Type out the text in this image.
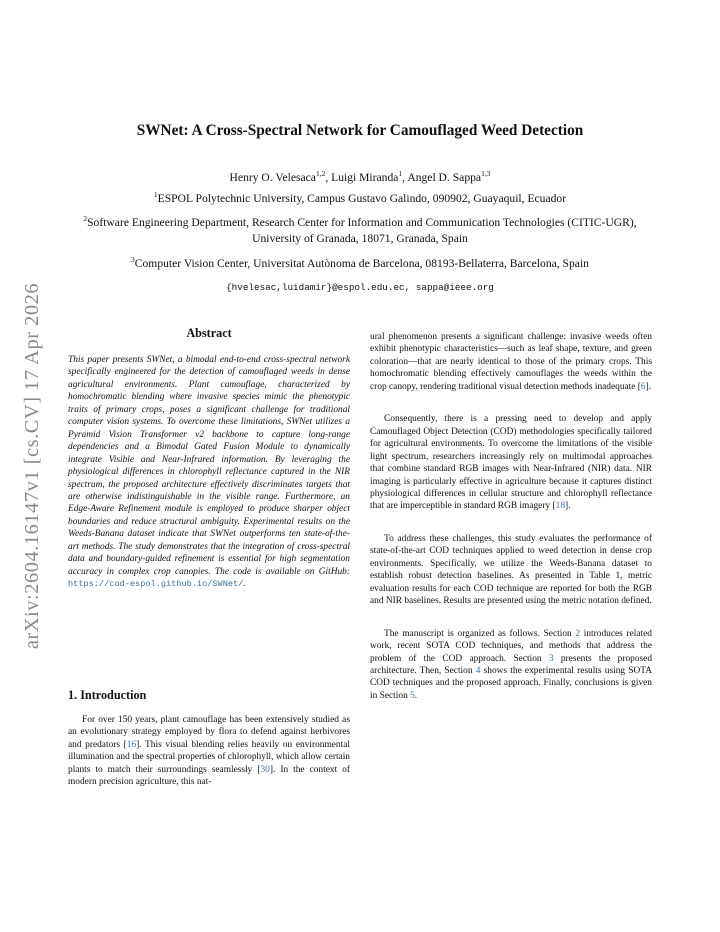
arXiv:2604.16147v1 [cs.CV] 17 Apr 2026
SWNet: A Cross-Spectral Network for Camouflaged Weed Detection
Henry O. Velesaca$^{1,2}$, Luigi Miranda$^1$, Angel D. Sappa$^{1,3}$
$^1$ESPOL Polytechnic University, Campus Gustavo Galindo, 090902, Guayaquil, Ecuador
$^2$Software Engineering Department, Research Center for Information and Communication Technologies (CITIC-UGR), University of Granada, 18071, Granada, Spain
$^3$Computer Vision Center, Universitat Autònoma de Barcelona, 08193-Bellaterra, Barcelona, Spain
{hvelesac,luidamir}@espol.edu.ec, sappa@ieee.org
Abstract

This paper presents SWNet, a bimodal end-to-end cross-spectral network specifically engineered for the detection of camouflaged weeds in dense agricultural environments. Plant camouflage, characterized by homochromatic blending where invasive species mimic the phenotypic traits of primary crops, poses a significant challenge for traditional computer vision systems. To overcome these limitations, SWNet utilizes a Pyramid Vision Transformer v2 backbone to capture long-range dependencies and a Bimodal Gated Fusion Module to dynamically integrate Visible and Near-Infrared information. By leveraging the physiological differences in chlorophyll reflectance captured in the NIR spectrum, the proposed architecture effectively discriminates targets that are otherwise indistinguishable in the visible range. Furthermore, an Edge-Aware Refinement module is employed to produce sharper object boundaries and reduce structural ambiguity. Experimental results on the Weeds-Banana dataset indicate that SWNet outperforms ten state-of-the-art methods. The study demonstrates that the integration of cross-spectral data and boundary-guided refinement is essential for high segmentation accuracy in complex crop canopies. The code is available on GitHub: https://cod-espol.github.io/SWNet/.

1. Introduction

For over 150 years, plant camouflage has been extensively studied as an evolutionary strategy employed by flora to defend against herbivores and predators [16]. This visual blending relies heavily on environmental illumination and the spectral properties of chlorophyll, which allow certain plants to match their surroundings seamlessly [30]. In the context of modern precision agriculture, this nat-

ural phenomenon presents a significant challenge: invasive weeds often exhibit phenotypic characteristics—such as leaf shape, texture, and green coloration—that are nearly identical to those of the primary crops. This homochromatic blending effectively camouflages the weeds within the crop canopy, rendering traditional visual detection methods inadequate [6].

Consequently, there is a pressing need to develop and apply Camouflaged Object Detection (COD) methodologies specifically tailored for agricultural environments. To overcome the limitations of the visible light spectrum, researchers increasingly rely on multimodal approaches that combine standard RGB images with Near-Infrared (NIR) data. NIR imaging is particularly effective in agriculture because it captures distinct physiological differences in cellular structure and chlorophyll reflectance that are imperceptible in standard RGB imagery [18].

To address these challenges, this study evaluates the performance of state-of-the-art COD techniques applied to weed detection in dense crop environments. Specifically, we utilize the Weeds-Banana dataset to establish robust detection baselines. As presented in Table 1, metric evaluation results for each COD technique are reported for both the RGB and NIR baselines. Results are presented using the metric notation defined.

The manuscript is organized as follows. Section 2 introduces related work, recent SOTA COD techniques, and methods that address the problem of the COD approach. Section 3 presents the proposed architecture. Then, Section 4 shows the experimental results using SOTA COD techniques and the proposed approach. Finally, conclusions is given in Section 5.
